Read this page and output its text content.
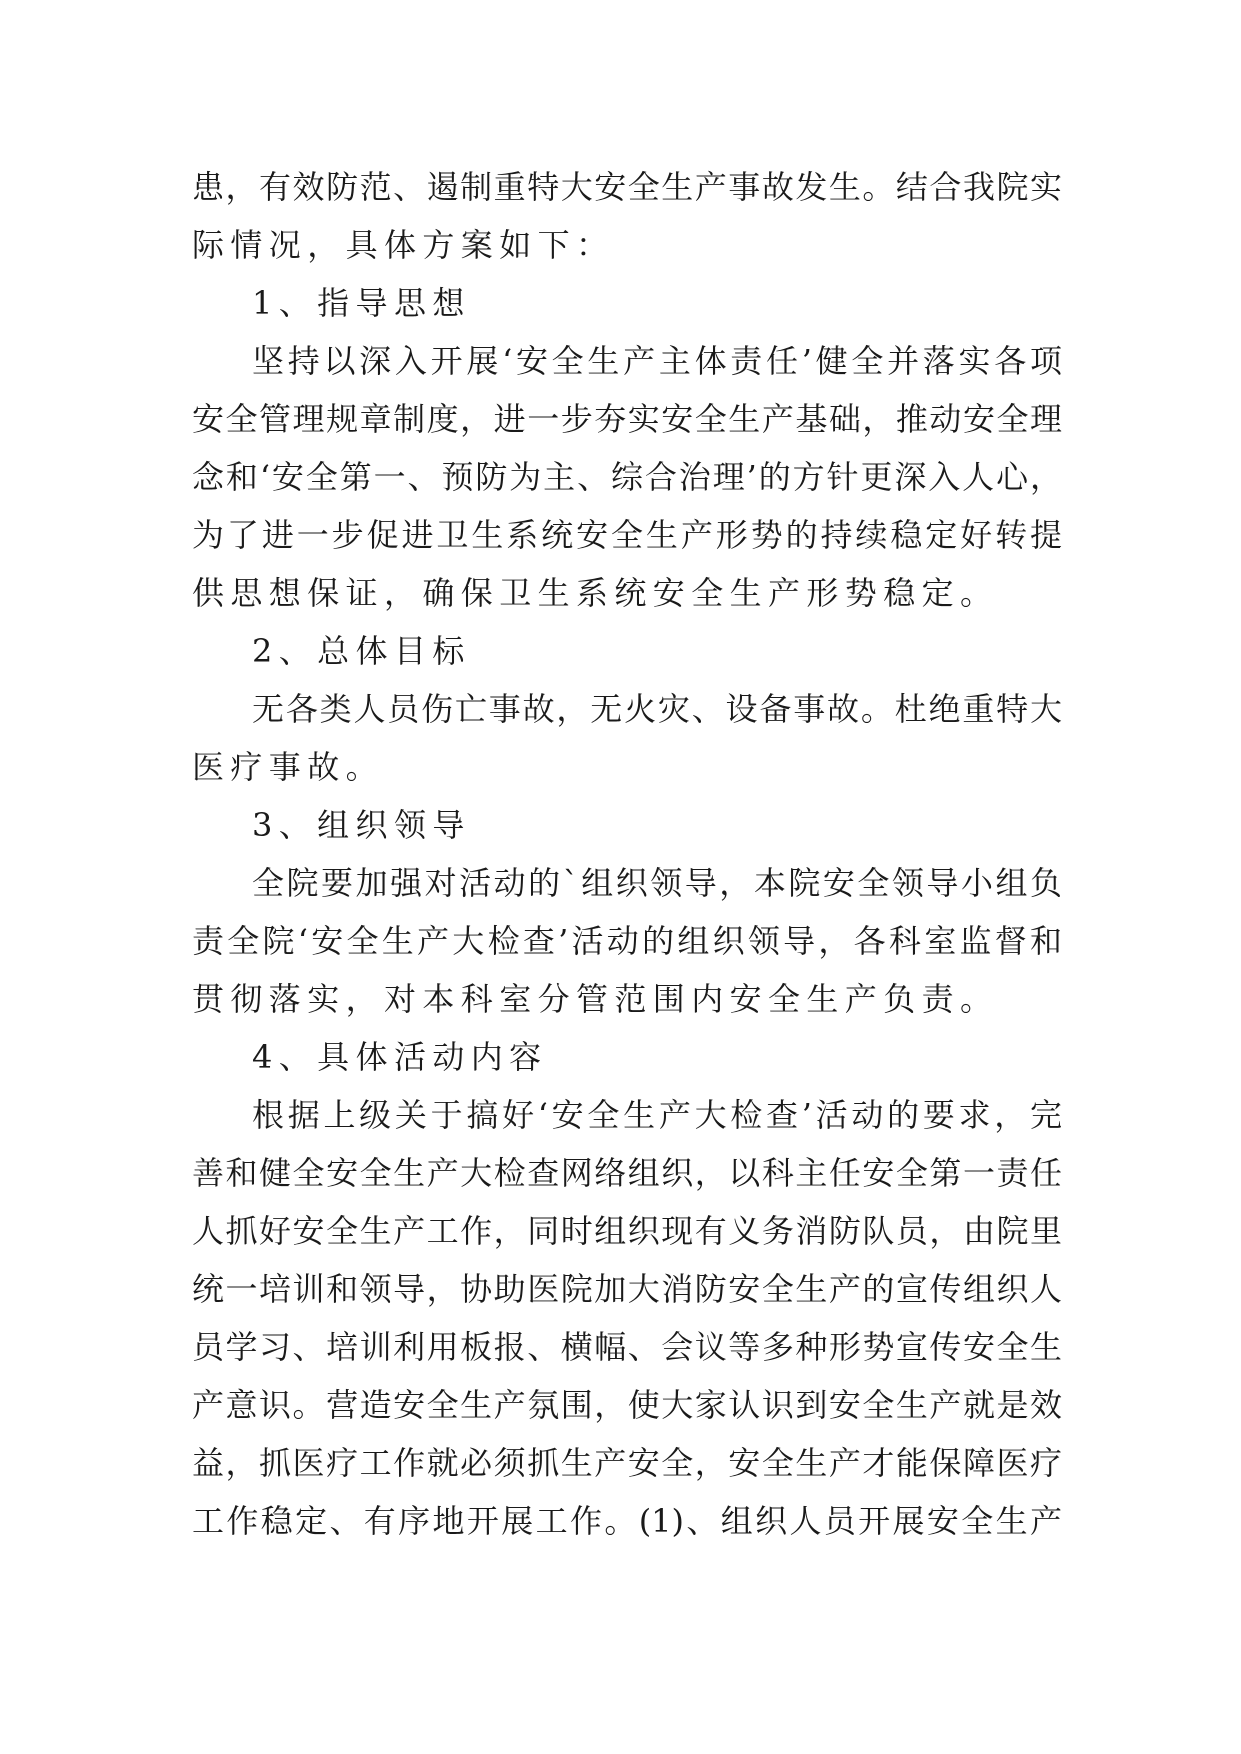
患，有效防范、遏制重特大安全生产事故发生。结合我院实
际情况，具体方案如下：
1、指导思想
坚持以深入开展‘安全生产主体责任’健全并落实各项
安全管理规章制度，进一步夯实安全生产基础，推动安全理
念和‘安全第一、预防为主、综合治理’的方针更深入人心，
为了进一步促进卫生系统安全生产形势的持续稳定好转提
供思想保证，确保卫生系统安全生产形势稳定。
2、总体目标
无各类人员伤亡事故，无火灾、设备事故。杜绝重特大
医疗事故。
3、组织领导
全院要加强对活动的`组织领导，本院安全领导小组负
责全院‘安全生产大检查’活动的组织领导，各科室监督和
贯彻落实，对本科室分管范围内安全生产负责。
4、具体活动内容
根据上级关于搞好‘安全生产大检查’活动的要求，完
善和健全安全生产大检查网络组织，以科主任安全第一责任
人抓好安全生产工作，同时组织现有义务消防队员，由院里
统一培训和领导，协助医院加大消防安全生产的宣传组织人
员学习、培训利用板报、横幅、会议等多种形势宣传安全生
产意识。营造安全生产氛围，使大家认识到安全生产就是效
益，抓医疗工作就必须抓生产安全，安全生产才能保障医疗
工作稳定、有序地开展工作。(1)、组织人员开展安全生产
